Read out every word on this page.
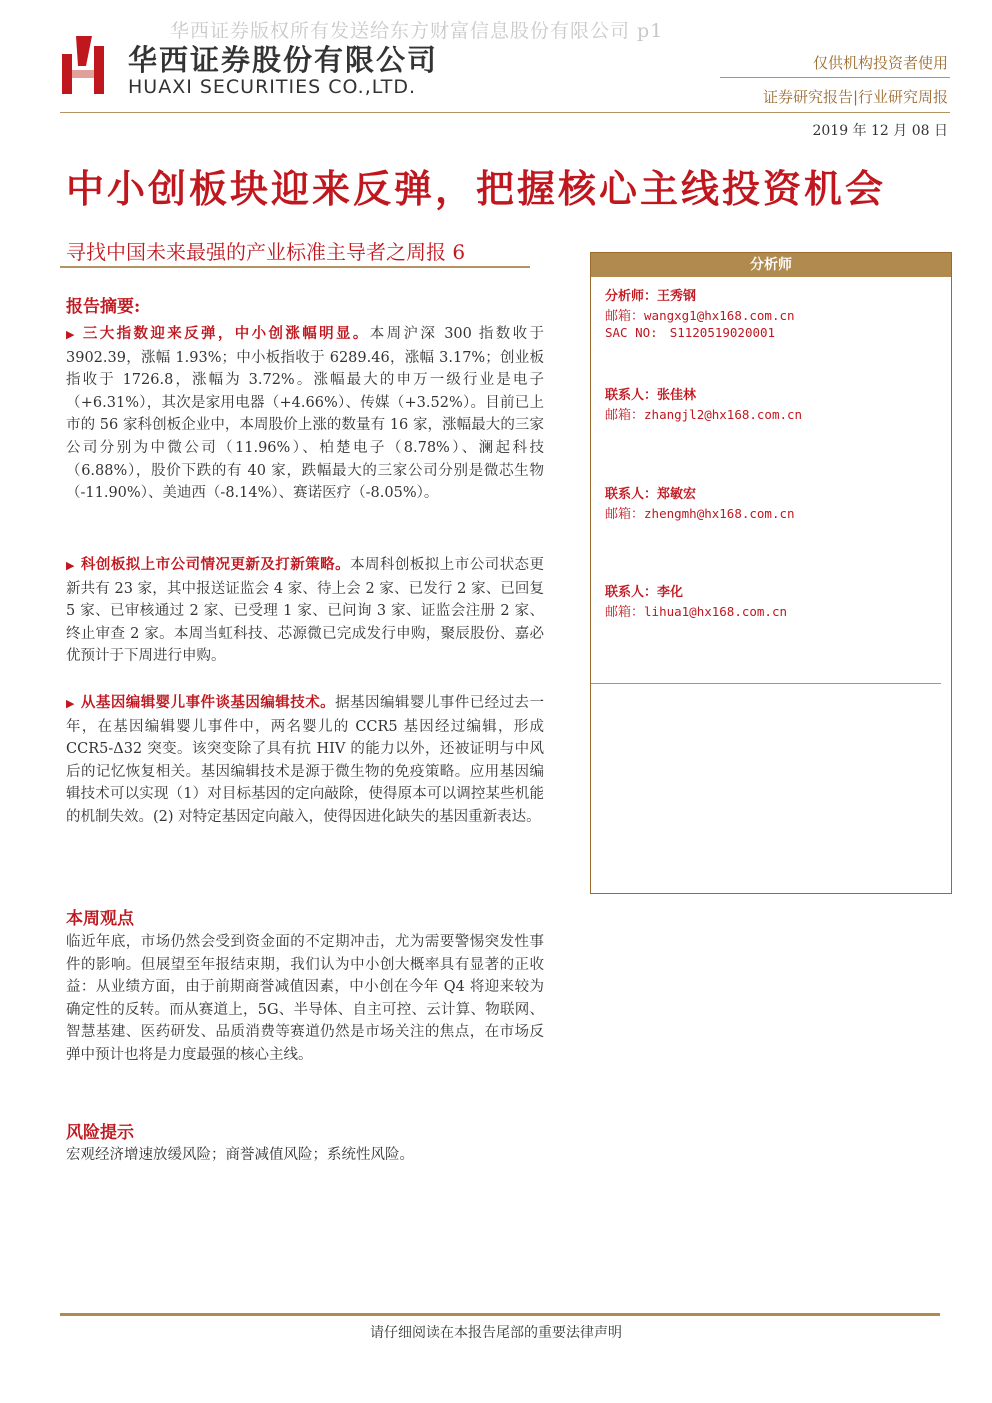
华西证券版权所有发送给东方财富信息股份有限公司 p1
华西证券股份有限公司
HUAXI SECURITIES CO.,LTD.
仅供机构投资者使用
证券研究报告|行业研究周报
2019 年 12 月 08 日
中小创板块迎来反弹，把握核心主线投资机会
寻找中国未来最强的产业标准主导者之周报 6
报告摘要:
▶ 三大指数迎来反弹，中小创涨幅明显。本周沪深 300 指数收于 3902.39，涨幅 1.93%；中小板指收于 6289.46，涨幅 3.17%；创业板指收于 1726.8，涨幅为 3.72%。涨幅最大的申万一级行业是电子（+6.31%），其次是家用电器（+4.66%）、传媒（+3.52%）。目前已上市的 56 家科创板企业中，本周股价上涨的数量有 16 家，涨幅最大的三家公司分别为中微公司（11.96%）、柏楚电子（8.78%）、澜起科技（6.88%），股价下跌的有 40 家，跌幅最大的三家公司分别是微芯生物（-11.90%）、美迪西（-8.14%）、赛诺医疗（-8.05%）。
▶ 科创板拟上市公司情况更新及打新策略。本周科创板拟上市公司状态更新共有 23 家，其中报送证监会 4 家、待上会 2 家、已发行 2 家、已回复 5 家、已审核通过 2 家、已受理 1 家、已问询 3 家、证监会注册 2 家、终止审查 2 家。本周当虹科技、芯源微已完成发行申购，聚辰股份、嘉必优预计于下周进行申购。
▶ 从基因编辑婴儿事件谈基因编辑技术。据基因编辑婴儿事件已经过去一年，在基因编辑婴儿事件中，两名婴儿的 CCR5 基因经过编辑，形成 CCR5-Δ32 突变。该突变除了具有抗 HIV 的能力以外，还被证明与中风后的记忆恢复相关。基因编辑技术是源于微生物的免疫策略。应用基因编辑技术可以实现（1）对目标基因的定向敲除，使得原本可以调控某些机能的机制失效。(2) 对特定基因定向敲入，使得因进化缺失的基因重新表达。
本周观点
临近年底，市场仍然会受到资金面的不定期冲击，尤为需要警惕突发性事件的影响。但展望至年报结束期，我们认为中小创大概率具有显著的正收益：从业绩方面，由于前期商誉减值因素，中小创在今年 Q4 将迎来较为确定性的反转。而从赛道上，5G、半导体、自主可控、云计算、物联网、智慧基建、医药研发、品质消费等赛道仍然是市场关注的焦点，在市场反弹中预计也将是力度最强的核心主线。
风险提示
宏观经济增速放缓风险；商誉减值风险；系统性风险。
分析师
分析师：王秀钢
邮箱：wangxg1@hx168.com.cn
SAC NO: S1120519020001
联系人：张佳林
邮箱：zhangjl2@hx168.com.cn
联系人：郑敏宏
邮箱：zhengmh@hx168.com.cn
联系人：李化
邮箱：lihua1@hx168.com.cn
请仔细阅读在本报告尾部的重要法律声明
